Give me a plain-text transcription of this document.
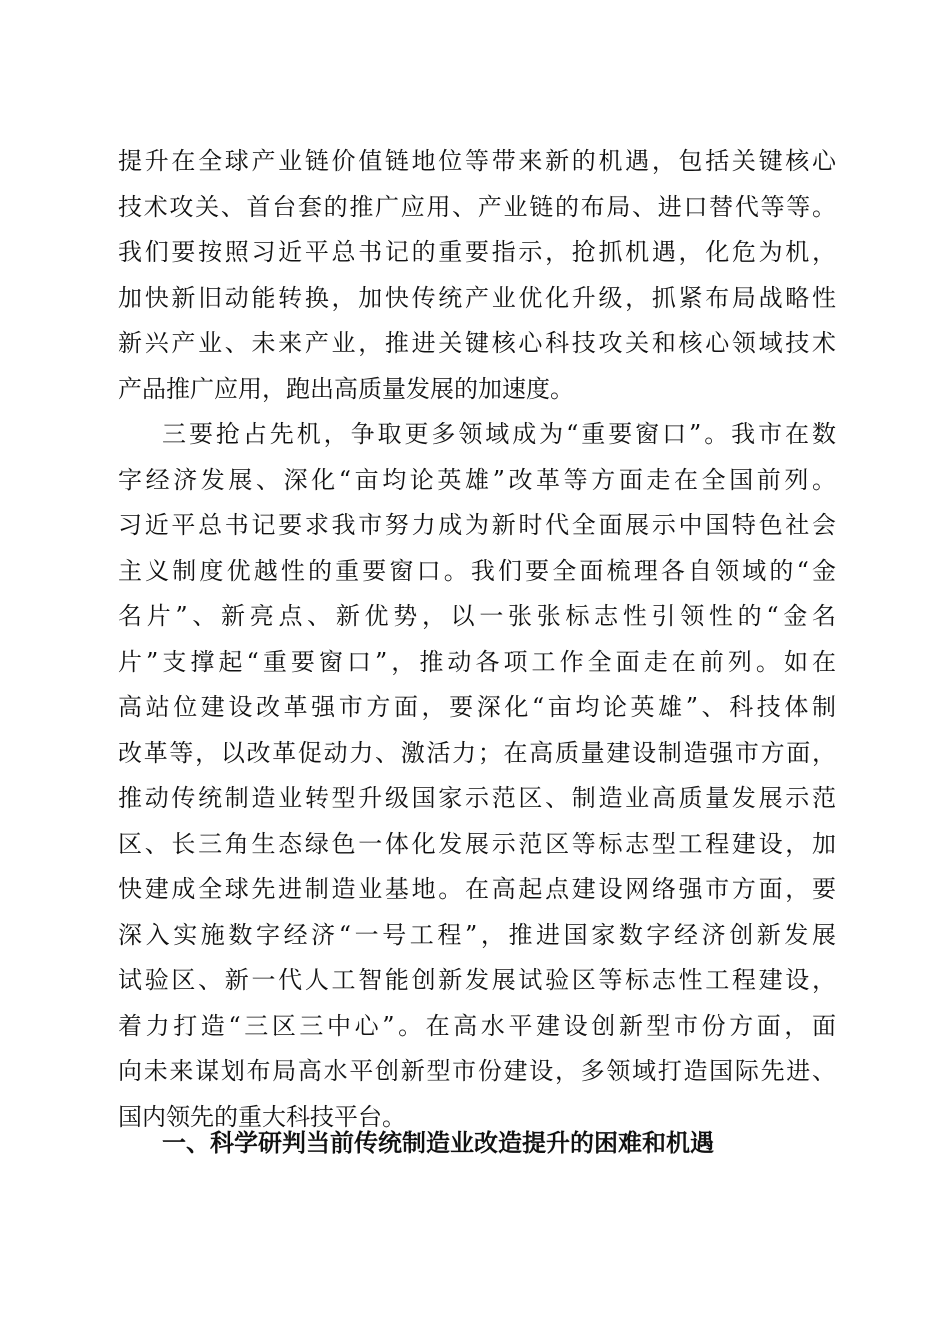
提升在全球产业链价值链地位等带来新的机遇，包括关键核心
技术攻关、首台套的推广应用、产业链的布局、进口替代等等。
我们要按照习近平总书记的重要指示，抢抓机遇，化危为机，
加快新旧动能转换，加快传统产业优化升级，抓紧布局战略性
新兴产业、未来产业，推进关键核心科技攻关和核心领域技术
产品推广应用，跑出高质量发展的加速度。
三要抢占先机，争取更多领域成为“重要窗口”。我市在数
字经济发展、深化“亩均论英雄”改革等方面走在全国前列。
习近平总书记要求我市努力成为新时代全面展示中国特色社会
主义制度优越性的重要窗口。我们要全面梳理各自领域的“金
名片”、新亮点、新优势，以一张张标志性引领性的“金名
片”支撑起“重要窗口”，推动各项工作全面走在前列。如在
高站位建设改革强市方面，要深化“亩均论英雄”、科技体制
改革等，以改革促动力、激活力；在高质量建设制造强市方面，
推动传统制造业转型升级国家示范区、制造业高质量发展示范
区、长三角生态绿色一体化发展示范区等标志型工程建设，加
快建成全球先进制造业基地。在高起点建设网络强市方面，要
深入实施数字经济“一号工程”，推进国家数字经济创新发展
试验区、新一代人工智能创新发展试验区等标志性工程建设，
着力打造“三区三中心”。在高水平建设创新型市份方面，面
向未来谋划布局高水平创新型市份建设，多领域打造国际先进、
国内领先的重大科技平台。
一、科学研判当前传统制造业改造提升的困难和机遇
